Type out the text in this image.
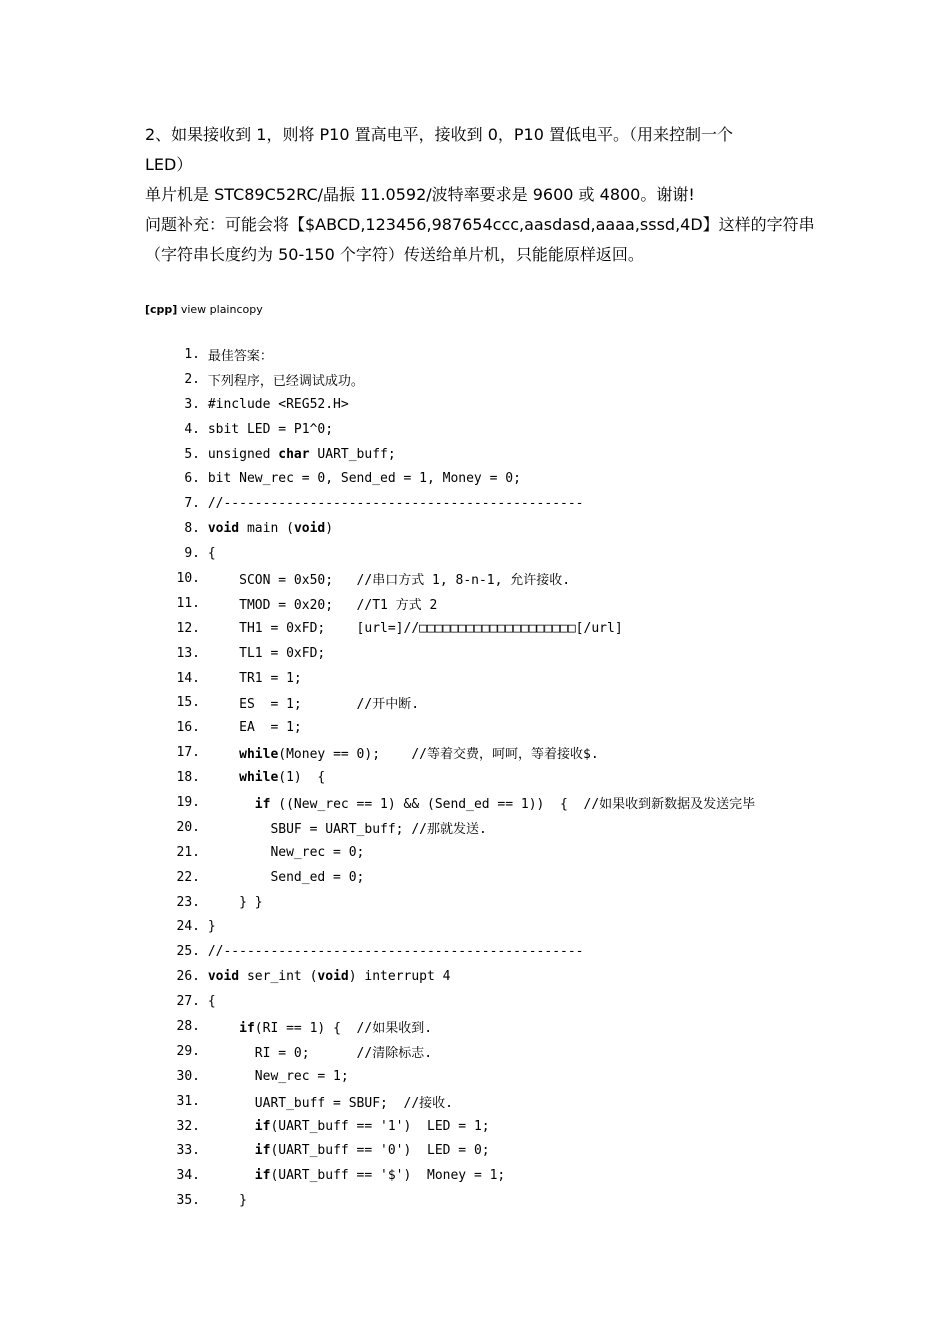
2、如果接收到 1，则将 P10 置高电平，接收到 0，P10 置低电平。（用来控制一个

LED）

单片机是 STC89C52RC/晶振 11.0592/波特率要求是 9600 或 4800。谢谢!

问题补充：可能会将【$ABCD,123456,987654ccc,aasdasd,aaaa,sssd,4D】这样的字符串

（字符串长度约为 50-150 个字符）传送给单片机，只能能原样返回。

[cpp] view plaincopy
1.
最佳答案：
2.
下列程序，已经调试成功。
3.
#include <REG52.H>
4.
sbit LED = P1^0;
5.
unsigned char UART_buff;
6.
bit New_rec = 0, Send_ed = 1, Money = 0;
7.
//----------------------------------------------
8.
void main (void)
9.
{
10.
SCON = 0x50;   //串口方式 1, 8-n-1, 允许接收.
11.
TMOD = 0x20;   //T1 方式 2
12.
TH1 = 0xFD;    [url=]//□□□□□□□□□□□□□□□□□□□□[/url]
13.
TL1 = 0xFD;
14.
TR1 = 1;
15.
ES  = 1;       //开中断.
16.
EA  = 1;
17.
	while(Money == 0);    //等着交费，呵呵，等着接收$.
18.
	while(1)  {
19.
	if ((New_rec == 1) && (Send_ed == 1))  {  //如果收到新数据及发送完毕
20.
SBUF = UART_buff; //那就发送.
21.
New_rec = 0;
22.
Send_ed = 0;
23.
} }
24.
}
25.
//----------------------------------------------
26.
void ser_int (void) interrupt 4
27.
{
28.
	if(RI == 1) {  //如果收到.
29.
RI = 0;      //清除标志.
30.
New_rec = 1;
31.
UART_buff = SBUF;  //接收.
32.
	if(UART_buff == '1')  LED = 1;
33.
	if(UART_buff == '0')  LED = 0;
34.
	if(UART_buff == '$')  Money = 1;
35.
}
